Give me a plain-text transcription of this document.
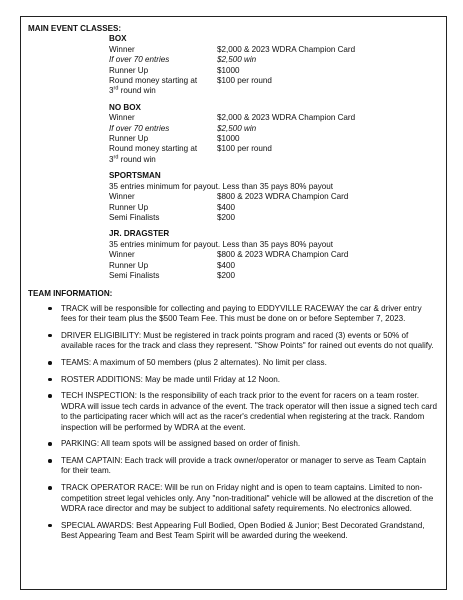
MAIN EVENT CLASSES:
BOX
Winner	$2,000 & 2023 WDRA Champion Card
If over 70 entries	$2,500 win
Runner Up	$1000
Round money starting at	$100 per round
3rd round win
NO BOX
Winner	$2,000 & 2023 WDRA Champion Card
If over 70 entries	$2,500 win
Runner Up	$1000
Round money starting at	$100 per round
3rd round win
SPORTSMAN
35 entries minimum for payout. Less than 35 pays 80% payout
Winner	$800 & 2023 WDRA Champion Card
Runner Up	$400
Semi Finalists	$200
JR. DRAGSTER
35 entries minimum for payout. Less than 35 pays 80% payout
Winner	$800 & 2023 WDRA Champion Card
Runner Up	$400
Semi Finalists	$200
TEAM INFORMATION:
TRACK will be responsible for collecting and paying to EDDYVILLE RACEWAY the car & driver entry fees for their team plus the $500 Team Fee. This must be done on or before September 7, 2023.
DRIVER ELIGIBILITY: Must be registered in track points program and raced (3) events or 50% of available races for the track and class they represent. "Show Points" for rained out events do not qualify.
TEAMS: A maximum of 50 members (plus 2 alternates). No limit per class.
ROSTER ADDITIONS: May be made until Friday at 12 Noon.
TECH INSPECTION: Is the responsibility of each track prior to the event for racers on a team roster. WDRA will issue tech cards in advance of the event. The track operator will then issue a signed tech card to the participating racer which will act as the racer's credential when registering at the track. Random inspection will be performed by WDRA at the event.
PARKING: All team spots will be assigned based on order of finish.
TEAM CAPTAIN: Each track will provide a track owner/operator or manager to serve as Team Captain for their team.
TRACK OPERATOR RACE: Will be run on Friday night and is open to team captains. Limited to non-competition street legal vehicles only. Any "non-traditional" vehicle will be allowed at the discretion of the WDRA race director and may be subject to additional safety requirements. No electronics allowed.
SPECIAL AWARDS: Best Appearing Full Bodied, Open Bodied & Junior; Best Decorated Grandstand, Best Appearing Team and Best Team Spirit will be awarded during the weekend.
